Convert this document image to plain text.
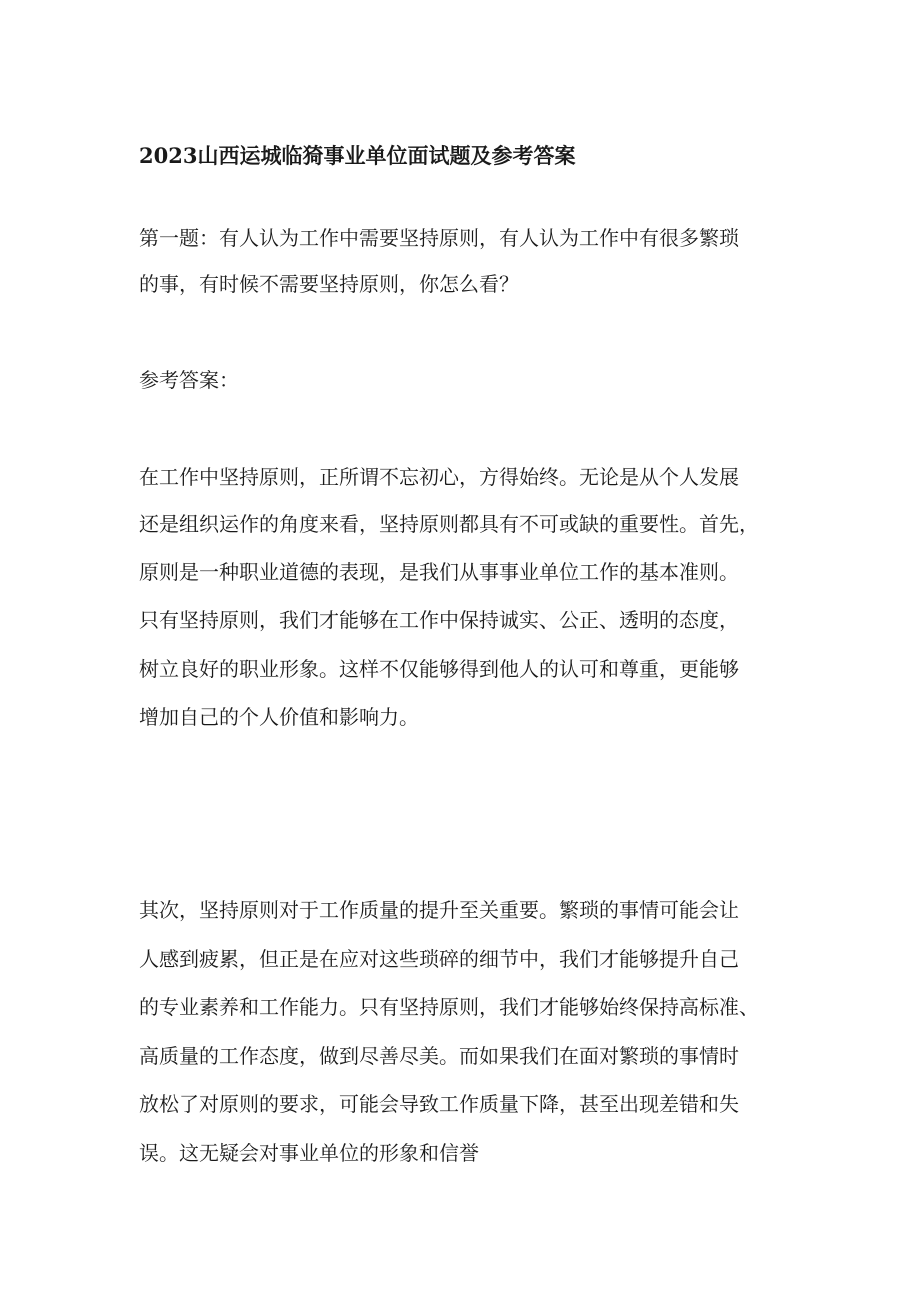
2023山西运城临猗事业单位面试题及参考答案
第一题：有人认为工作中需要坚持原则，有人认为工作中有很多繁琐
的事，有时候不需要坚持原则，你怎么看？
参考答案：
在工作中坚持原则，正所谓不忘初心，方得始终。无论是从个人发展
还是组织运作的角度来看，坚持原则都具有不可或缺的重要性。首先，
原则是一种职业道德的表现，是我们从事事业单位工作的基本准则。
只有坚持原则，我们才能够在工作中保持诚实、公正、透明的态度，
树立良好的职业形象。这样不仅能够得到他人的认可和尊重，更能够
增加自己的个人价值和影响力。
其次，坚持原则对于工作质量的提升至关重要。繁琐的事情可能会让
人感到疲累，但正是在应对这些琐碎的细节中，我们才能够提升自己
的专业素养和工作能力。只有坚持原则，我们才能够始终保持高标准、
高质量的工作态度，做到尽善尽美。而如果我们在面对繁琐的事情时
放松了对原则的要求，可能会导致工作质量下降，甚至出现差错和失
误。这无疑会对事业单位的形象和信誉
